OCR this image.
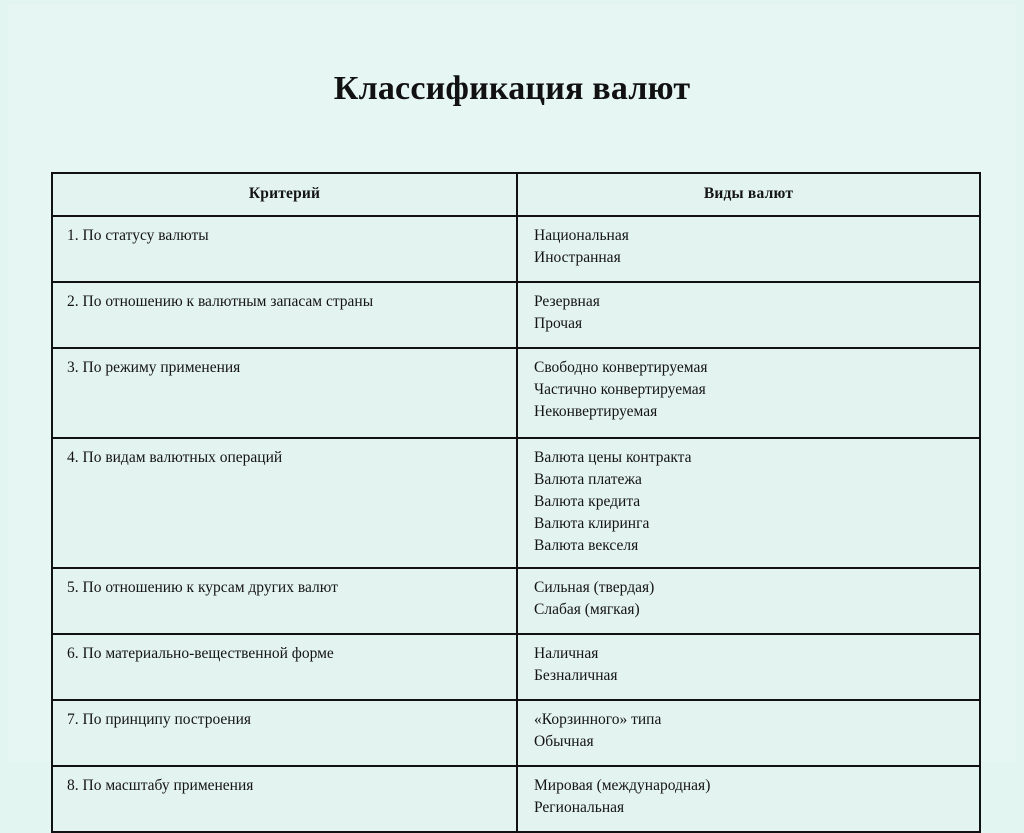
Классификация валют
Критерий	Виды валют
1. По статусу валюты	Национальная
Иностранная

2. По отношению к валютным запасам страны	Резервная
Прочая

3. По режиму применения	Свободно конвертируемая
Частично конвертируемая
Неконвертируемая

4. По видам валютных операций	Валюта цены контракта
Валюта платежа
Валюта кредита
Валюта клиринга
Валюта векселя

5. По отношению к курсам других валют	Сильная (твердая)
Слабая (мягкая)

6. По материально-вещественной форме	Наличная
Безналичная

7. По принципу построения	«Корзинного» типа
Обычная

8. По масштабу применения	Мировая (международная)
Региональная
